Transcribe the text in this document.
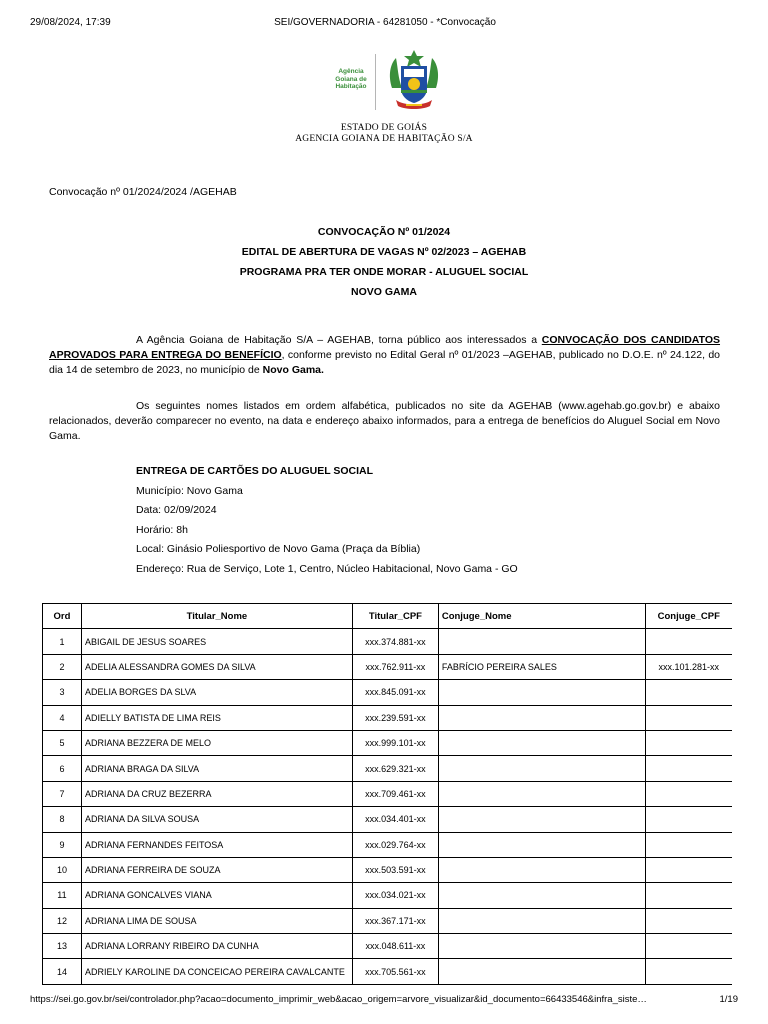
29/08/2024, 17:39	SEI/GOVERNADORIA - 64281050 - *Convocação
Agência
Goiana de
Habitação
ESTADO DE GOIÁS
AGENCIA GOIANA DE HABITAÇÃO S/A
Convocação nº 01/2024/2024 /AGEHAB
CONVOCAÇÃO Nº 01/2024
EDITAL DE ABERTURA DE VAGAS Nº 02/2023 – AGEHAB
PROGRAMA PRA TER ONDE MORAR - ALUGUEL SOCIAL
NOVO GAMA

A Agência Goiana de Habitação S/A – AGEHAB, torna público aos interessados a CONVOCAÇÃO DOS CANDIDATOS APROVADOS PARA ENTREGA DO BENEFÍCIO, conforme previsto no Edital Geral nº 01/2023 –AGEHAB, publicado no D.O.E. nº 24.122, do dia 14 de setembro de 2023, no município de Novo Gama.

Os seguintes nomes listados em ordem alfabética, publicados no site da AGEHAB (www.agehab.go.gov.br) e abaixo relacionados, deverão comparecer no evento, na data e endereço abaixo informados, para a entrega de benefícios do Aluguel Social em Novo Gama.

ENTREGA DE CARTÕES DO ALUGUEL SOCIAL
Município: Novo Gama
Data: 02/09/2024
Horário: 8h
Local: Ginásio Poliesportivo de Novo Gama (Praça da Bíblia)
Endereço: Rua de Serviço, Lote 1, Centro, Núcleo Habitacional, Novo Gama - GO
Ord	Titular_Nome	Titular_CPF	Conjuge_Nome	Conjuge_CPF
1	ABIGAIL DE JESUS SOARES	xxx.374.881-xx		
2	ADELIA ALESSANDRA GOMES DA SILVA	xxx.762.911-xx	FABRÍCIO PEREIRA SALES	xxx.101.281-xx
3	ADELIA BORGES DA SLVA	xxx.845.091-xx		
4	ADIELLY BATISTA DE LIMA REIS	xxx.239.591-xx		
5	ADRIANA BEZZERA DE MELO	xxx.999.101-xx		
6	ADRIANA BRAGA DA SILVA	xxx.629.321-xx		
7	ADRIANA DA CRUZ BEZERRA	xxx.709.461-xx		
8	ADRIANA DA SILVA SOUSA	xxx.034.401-xx		
9	ADRIANA FERNANDES FEITOSA	xxx.029.764-xx		
10	ADRIANA FERREIRA DE SOUZA	xxx.503.591-xx		
11	ADRIANA GONCALVES VIANA	xxx.034.021-xx		
12	ADRIANA LIMA DE SOUSA	xxx.367.171-xx		
13	ADRIANA LORRANY RIBEIRO DA CUNHA	xxx.048.611-xx		
14	ADRIELY KAROLINE DA CONCEICAO PEREIRA CAVALCANTE	xxx.705.561-xx		
https://sei.go.gov.br/sei/controlador.php?acao=documento_imprimir_web&acao_origem=arvore_visualizar&id_documento=66433546&infra_siste…	1/19
